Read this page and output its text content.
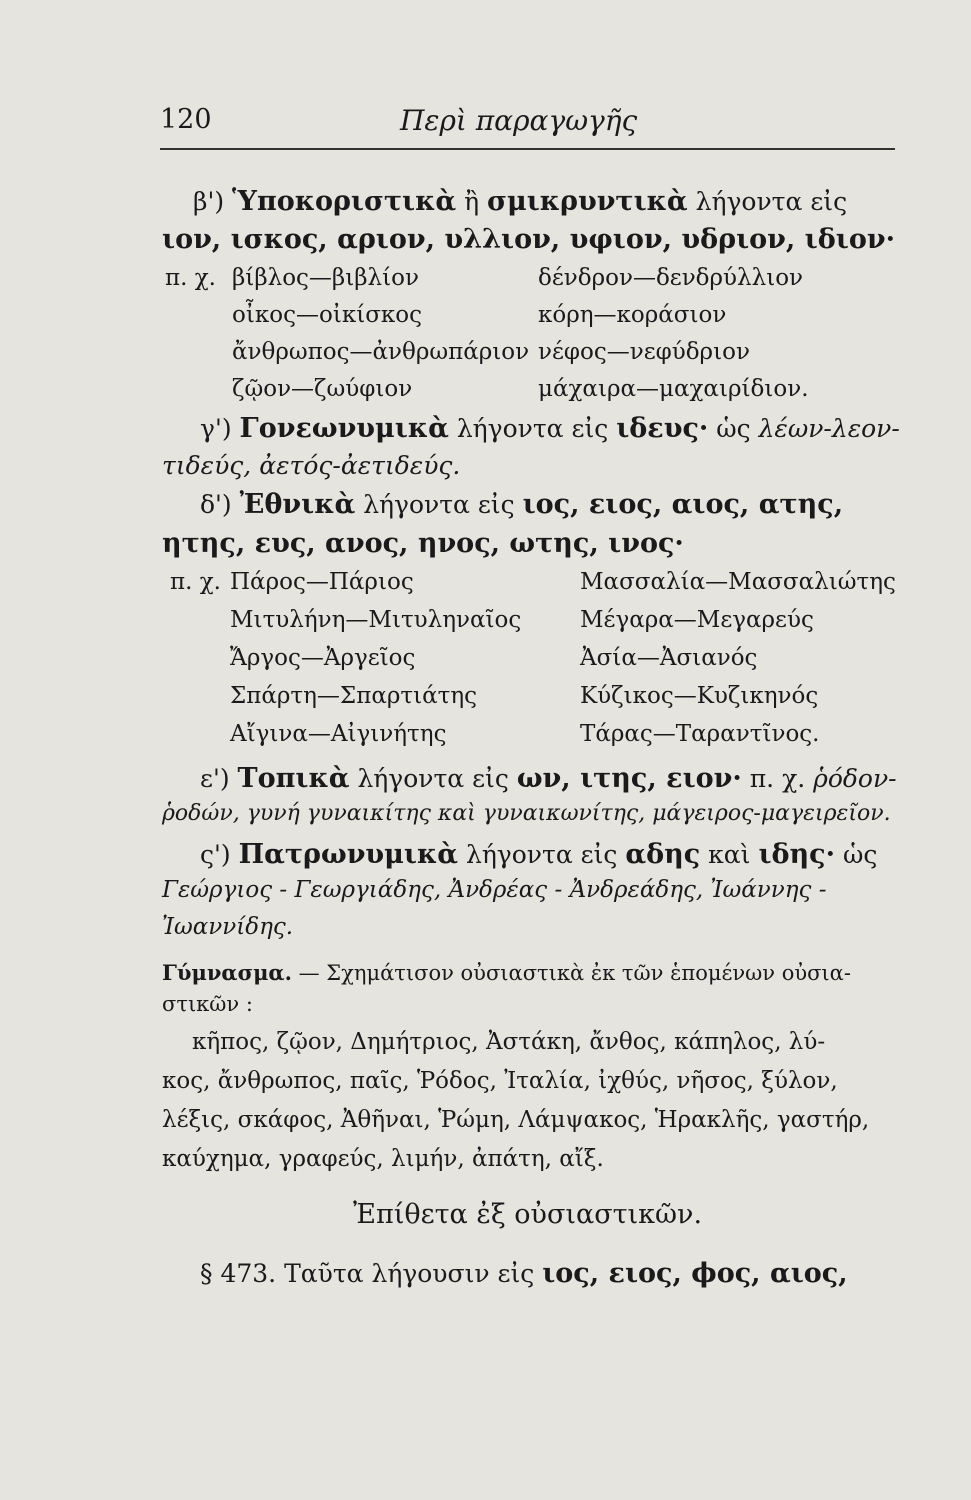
120	Περὶ παραγωγῆς
β') Ὑποκοριστικὰ ἢ σμικρυντικὰ λήγοντα εἰς
ιον, ισκος, αριον, υλλιον, υφιον, υδριον, ιδιον·
π. χ. βίβλος—βιβλίον	δένδρον—δενδρύλλιον
οἶκος—οἰκίσκος	κόρη—κοράσιον
ἄνθρωπος—ἀνθρωπάριον νέφος—νεφύδριον
ζῷον—ζωύφιον	μάχαιρα—μαχαιρίδιον.
γ') Γονεωνυμικὰ λήγοντα εἰς ιδευς· ὡς λέων-λεον-
τιδεύς, ἀετός-ἀετιδεύς.
δ') Ἐθνικὰ λήγοντα εἰς ιος, ειος, αιος, ατης,
ητης, ευς, ανος, ηνος, ωτης, ινος·
π. χ. Πάρος—Πάριος	Μασσαλία—Μασσαλιώτης
Μιτυλήνη—Μιτυληναῖος	Μέγαρα—Μεγαρεύς
Ἄργος—Ἀργεῖος	Ἀσία—Ἀσιανός
Σπάρτη—Σπαρτιάτης	Κύζικος—Κυζικηνός
Αἴγινα—Αἰγινήτης	Τάρας—Ταραντῖνος.
ε') Τοπικὰ λήγοντα εἰς ων, ιτης, ειον· π. χ. ῥόδον-
ῥοδών, γυνή γυναικίτης καὶ γυναικωνίτης, μάγειρος-μαγειρεῖον.
ς') Πατρωνυμικὰ λήγοντα εἰς αδης καὶ ιδης· ὡς
Γεώργιος - Γεωργιάδης, Ἀνδρέας - Ἀνδρεάδης, Ἰωάννης -
Ἰωαννίδης.
Γύμνασμα. — Σχημάτισον οὐσιαστικὰ ἐκ τῶν ἑπομένων οὐσια-
στικῶν :
κῆπος, ζῷον, Δημήτριος, Ἀστάκη, ἄνθος, κάπηλος, λύ-
κος, ἄνθρωπος, παῖς, Ῥόδος, Ἰταλία, ἰχθύς, νῆσος, ξύλον,
λέξις, σκάφος, Ἀθῆναι, Ῥώμη, Λάμψακος, Ἡρακλῆς, γαστήρ,
καύχημα, γραφεύς, λιμήν, ἀπάτη, αἴξ.
Ἐπίθετα ἐξ οὐσιαστικῶν.
§ 473. Ταῦτα λήγουσιν εἰς ιος, ειος, ϕος, αιος,
